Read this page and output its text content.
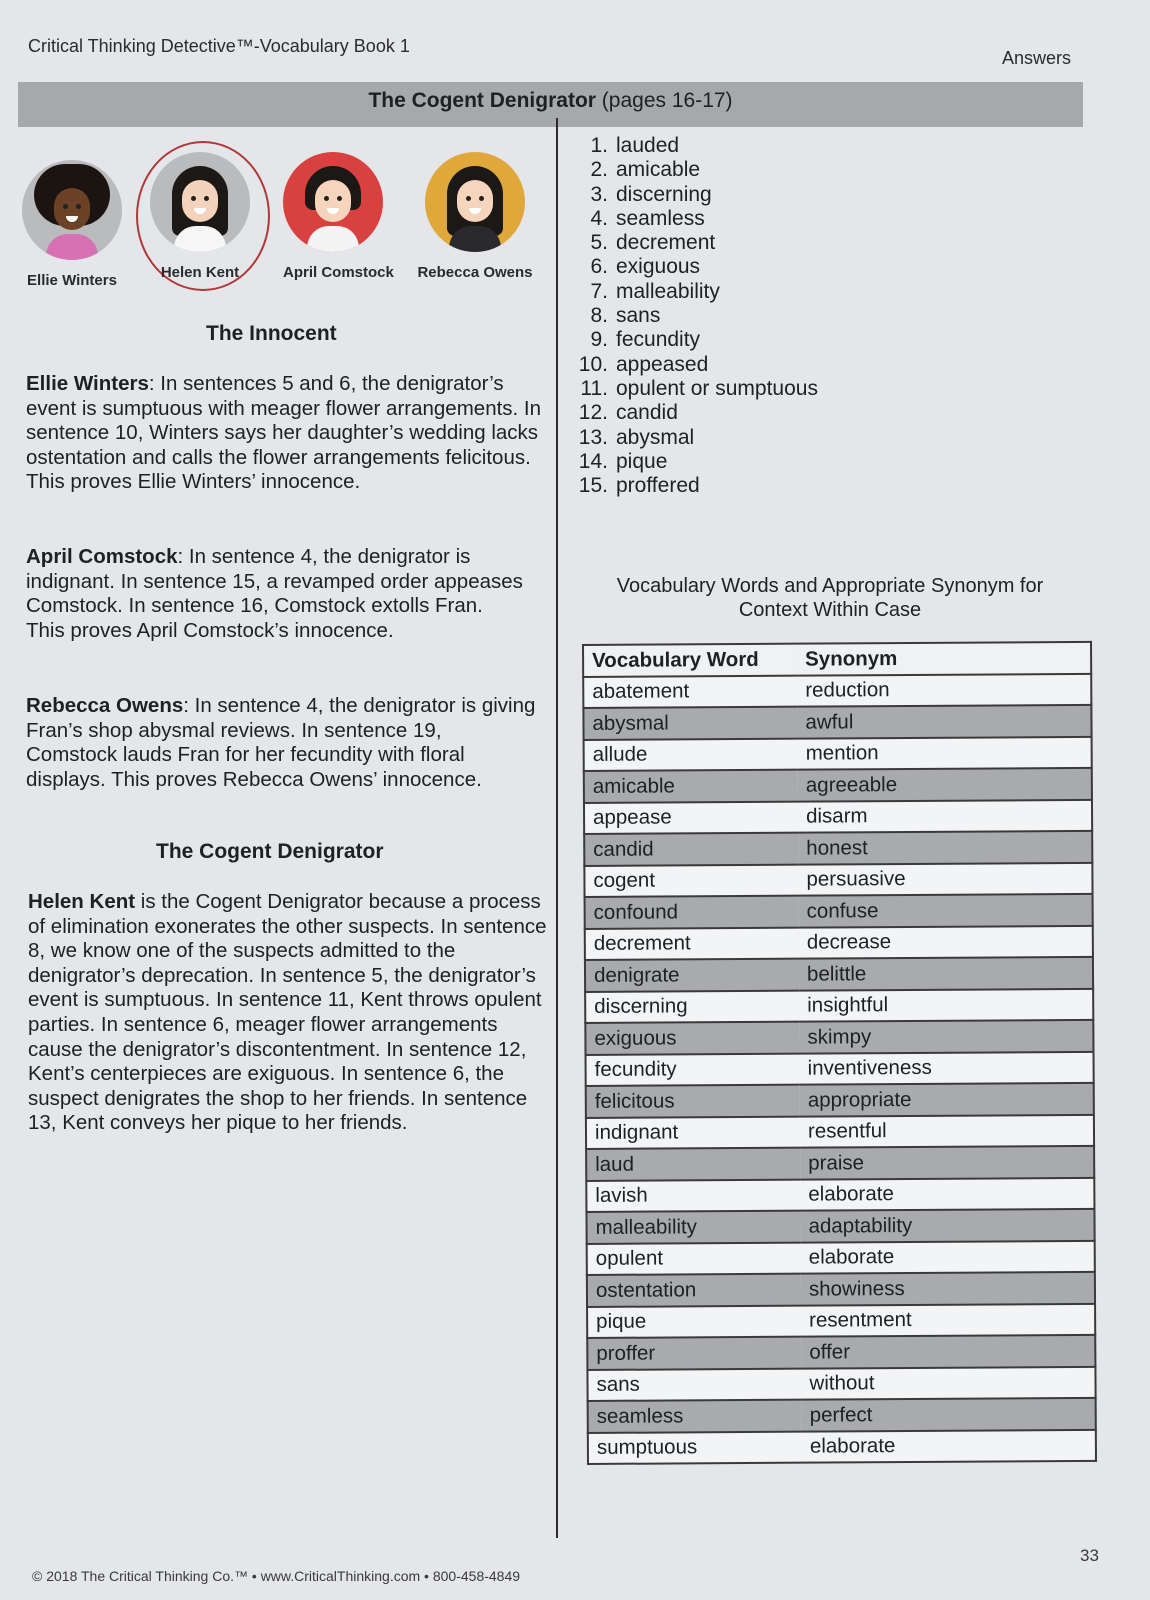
Critical Thinking Detective™-Vocabulary Book 1
Answers
The Cogent Denigrator (pages 16-17)
Ellie Winters	Helen Kent	April Comstock Rebecca Owens
The Innocent
Ellie Winters: In sentences 5 and 6, the denigrator’s event is sumptuous with meager flower arrangements. In sentence 10, Winters says her daughter’s wedding lacks ostentation and calls the flower arrangements felicitous. This proves Ellie Winters’ innocence.
April Comstock: In sentence 4, the denigrator is indignant. In sentence 15, a revamped order appeases Comstock. In sentence 16, Comstock extolls Fran. This proves April Comstock’s innocence.
Rebecca Owens: In sentence 4, the denigrator is giving Fran’s shop abysmal reviews. In sentence 19, Comstock lauds Fran for her fecundity with floral displays. This proves Rebecca Owens’ innocence.
The Cogent Denigrator
Helen Kent is the Cogent Denigrator because a process of elimination exonerates the other suspects. In sentence 8, we know one of the suspects admitted to the denigrator’s deprecation. In sentence 5, the denigrator’s event is sumptuous. In sentence 11, Kent throws opulent parties. In sentence 6, meager flower arrangements cause the denigrator’s discontentment. In sentence 12, Kent’s centerpieces are exiguous. In sentence 6, the suspect denigrates the shop to her friends. In sentence 13, Kent conveys her pique to her friends.
1. lauded
2. amicable
3. discerning
4. seamless
5. decrement
6. exiguous
7. malleability
8. sans
9. fecundity
10. appeased
11. opulent or sumptuous
12. candid
13. abysmal
14. pique
15. proffered
Vocabulary Words and Appropriate Synonym for
Context Within Case
Vocabulary Word	Synonym
abatement	reduction
abysmal	awful
allude	mention
amicable	agreeable
appease	disarm
candid	honest
cogent	persuasive
confound	confuse
decrement	decrease
denigrate	belittle
discerning	insightful
exiguous	skimpy
fecundity	inventiveness
felicitous	appropriate
indignant	resentful
laud	praise
lavish	elaborate
malleability	adaptability
opulent	elaborate
ostentation	showiness
pique	resentment
proffer	offer
sans	without
seamless	perfect
sumptuous	elaborate
© 2018 The Critical Thinking Co.™ • www.CriticalThinking.com • 800-458-4849
33
